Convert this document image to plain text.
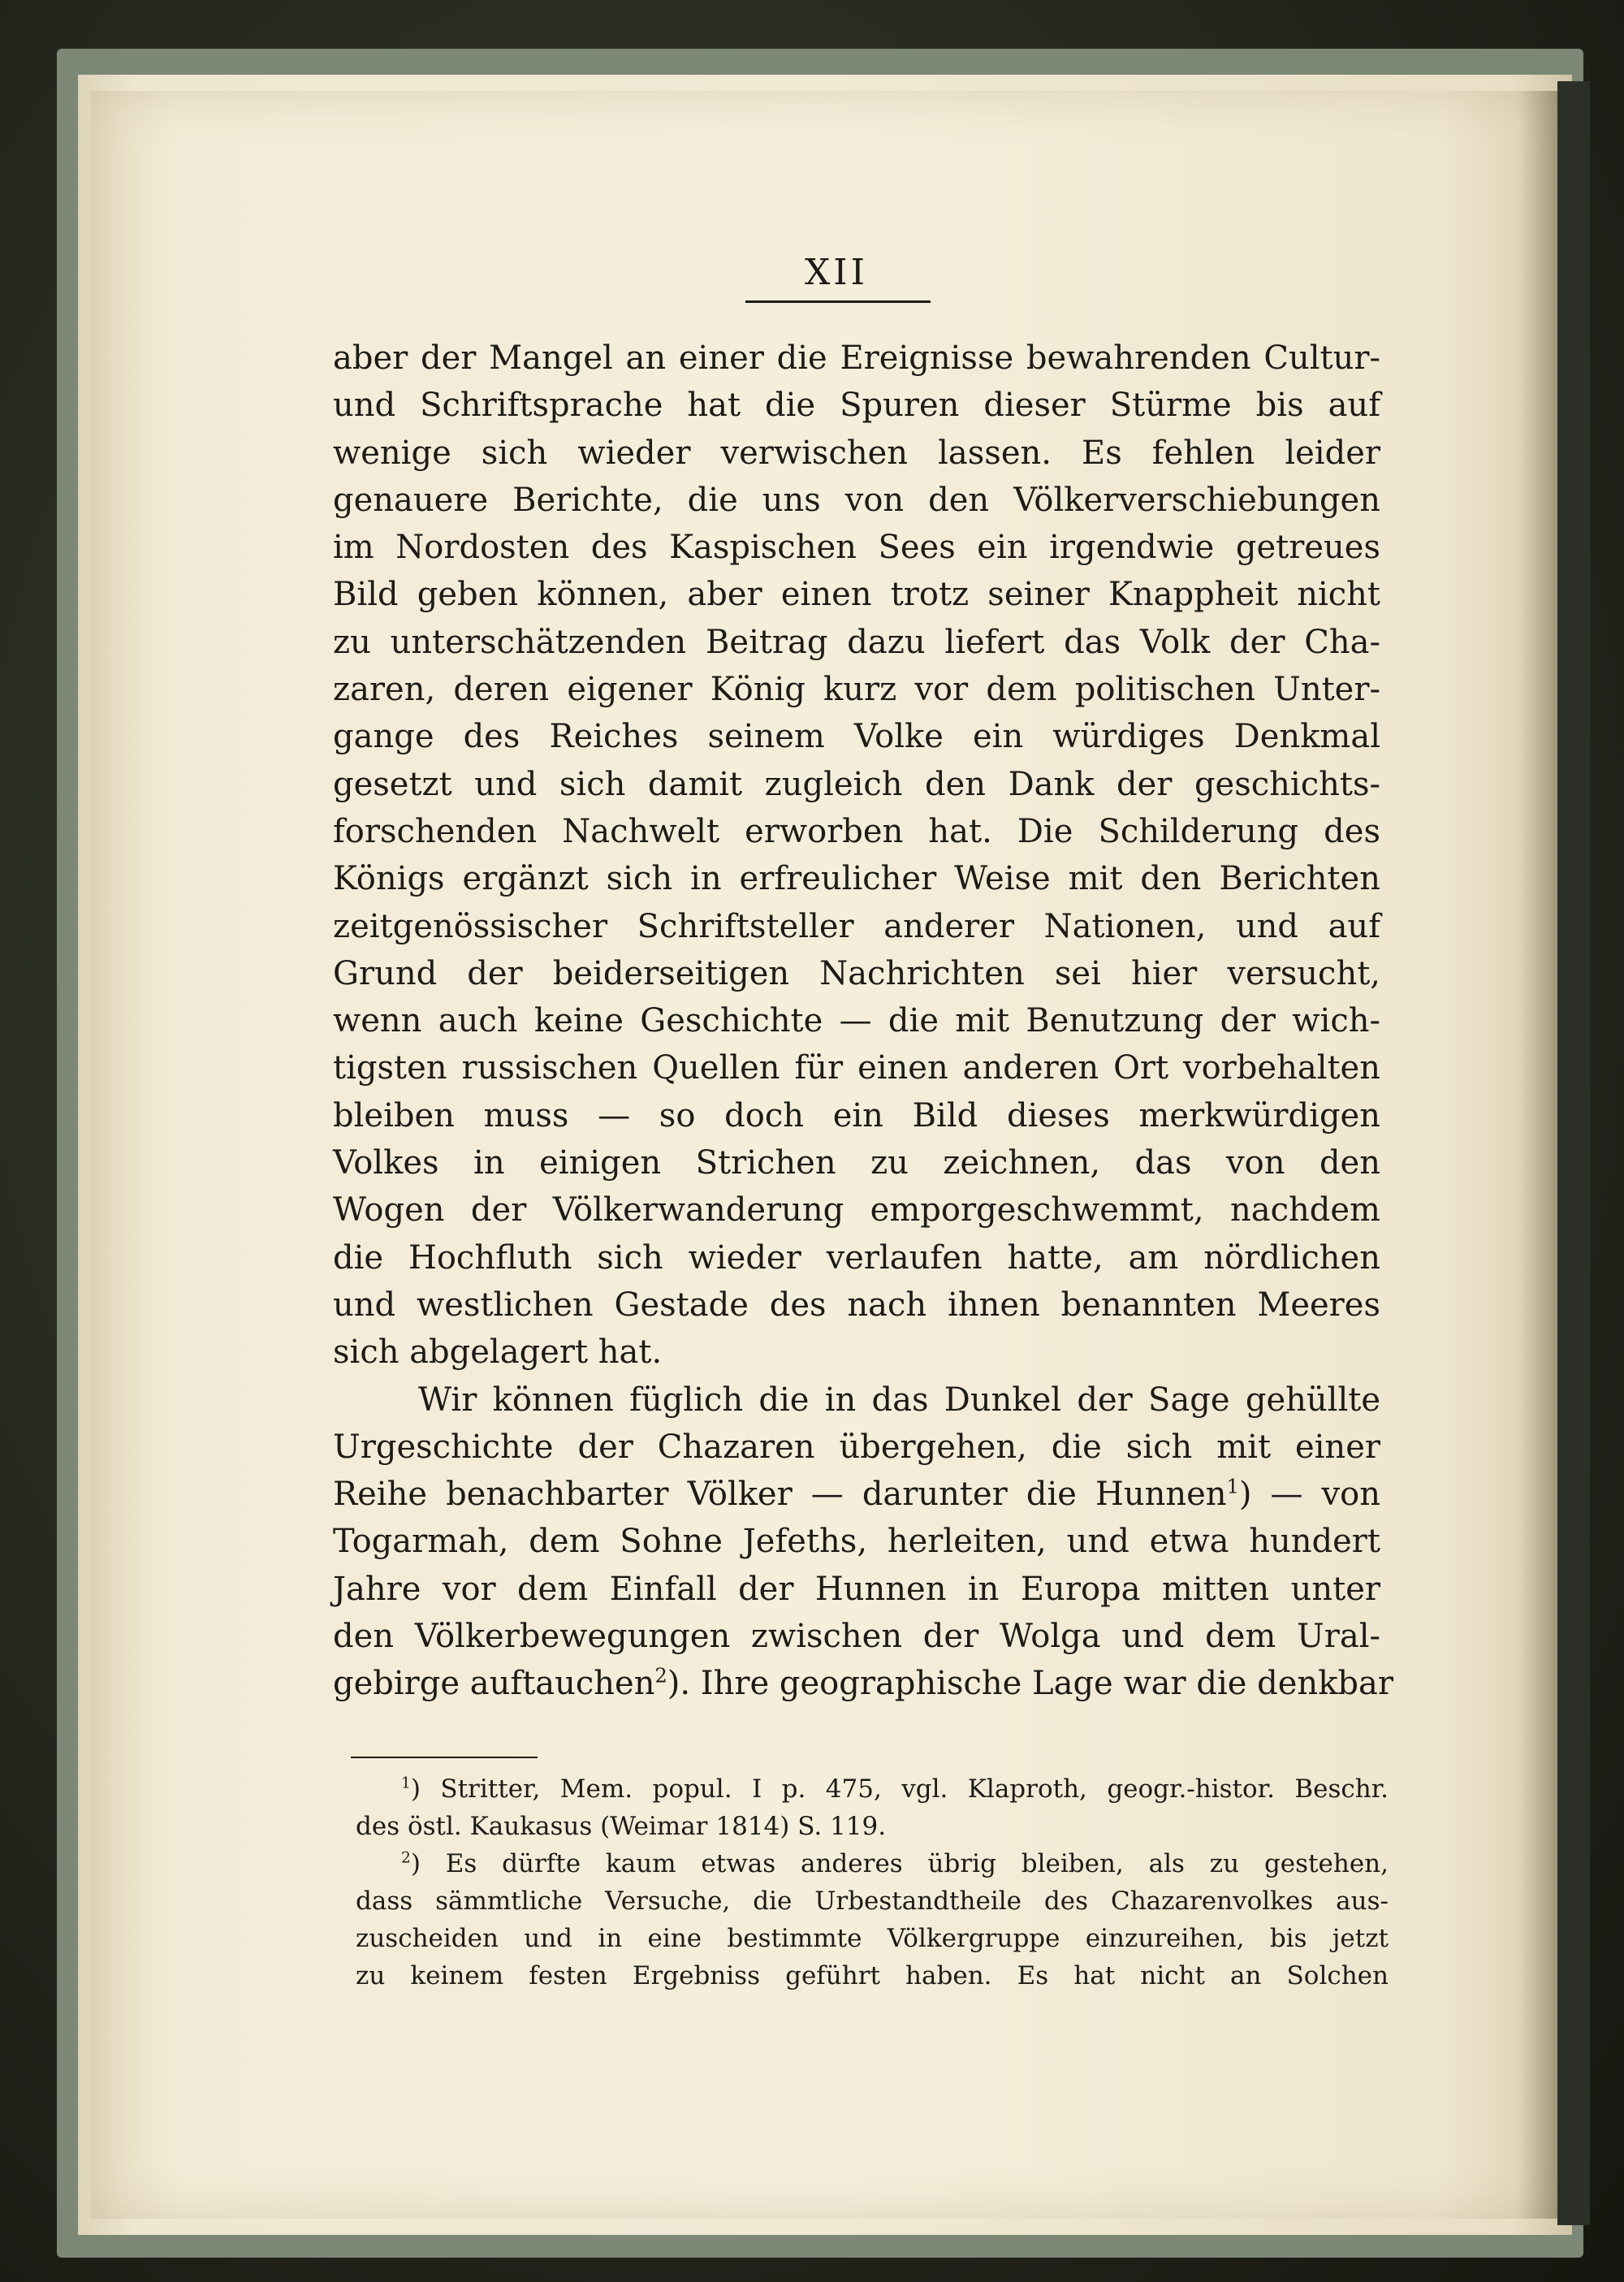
XII
aber der Mangel an einer die Ereignisse bewahrenden Cultur-
und Schriftsprache hat die Spuren dieser Stürme bis auf
wenige sich wieder verwischen lassen. Es fehlen leider
genauere Berichte, die uns von den Völkerverschiebungen
im Nordosten des Kaspischen Sees ein irgendwie getreues
Bild geben können, aber einen trotz seiner Knappheit nicht
zu unterschätzenden Beitrag dazu liefert das Volk der Cha-
zaren, deren eigener König kurz vor dem politischen Unter-
gange des Reiches seinem Volke ein würdiges Denkmal
gesetzt und sich damit zugleich den Dank der geschichts-
forschenden Nachwelt erworben hat. Die Schilderung des
Königs ergänzt sich in erfreulicher Weise mit den Berichten
zeitgenössischer Schriftsteller anderer Nationen, und auf
Grund der beiderseitigen Nachrichten sei hier versucht,
wenn auch keine Geschichte — die mit Benutzung der wich-
tigsten russischen Quellen für einen anderen Ort vorbehalten
bleiben muss — so doch ein Bild dieses merkwürdigen
Volkes in einigen Strichen zu zeichnen, das von den
Wogen der Völkerwanderung emporgeschwemmt, nachdem
die Hochfluth sich wieder verlaufen hatte, am nördlichen
und westlichen Gestade des nach ihnen benannten Meeres
sich abgelagert hat.
Wir können füglich die in das Dunkel der Sage gehüllte
Urgeschichte der Chazaren übergehen, die sich mit einer
Reihe benachbarter Völker — darunter die Hunnen$^1$) — von
Togarmah, dem Sohne Jefeths, herleiten, und etwa hundert
Jahre vor dem Einfall der Hunnen in Europa mitten unter
den Völkerbewegungen zwischen der Wolga und dem Ural-
gebirge auftauchen$^2$). Ihre geographische Lage war die denkbar
$^1$) Stritter, Mem. popul. I p. 475, vgl. Klaproth, geogr.-histor. Beschr.
des östl. Kaukasus (Weimar 1814) S. 119.
$^2$) Es dürfte kaum etwas anderes übrig bleiben, als zu gestehen,
dass sämmtliche Versuche, die Urbestandtheile des Chazarenvolkes aus-
zuscheiden und in eine bestimmte Völkergruppe einzureihen, bis jetzt
zu keinem festen Ergebniss geführt haben. Es hat nicht an Solchen
